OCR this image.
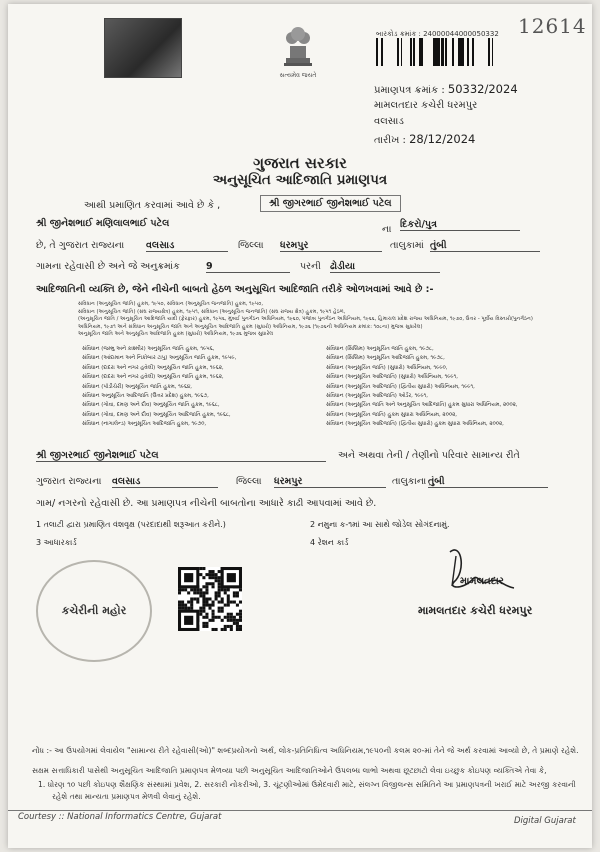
12614
સત્યમેવ જયતે
બારકોડ ક્રમાંક : 24000044000050332
પ્રમાણપત્ર ક્રમાંક : 50332/2024
મામલતદાર કચેરી ધરમપુર
વલસાડ
તારીખ : 28/12/2024
ગુજરાત સરકાર
અનુસૂચિત આદિજાતિ પ્રમાણપત્ર
આથી પ્રમાણિત કરવામાં આવે છે કે ,	શ્રી જીગરભાઈ જીનેશભાઈ પટેલ
શ્રી જીનેશભાઈ મણિલાલભાઈ પટેલ
ના દિકરો/પુત્ર
છે, તે ગુજરાત રાજ્યના વલસાડ	જિલ્લા ધરમપુર	તાલુકામાં તુંબી
ગામના રહેવાસી છે અને જે અનુક્રમાંક	9	પરની ઢોડીયા
આદિજાતિની વ્યક્તિ છે, જેને નીચેની બાબતો હેઠળ અનુસૂચિત આદિજાતિ તરીકે ઓળખવામાં આવે છે :-
સંવિધાન (અનુસૂચિત જાતિ) હુકમ, ૧૯૫૦, સંવિધાન (અનુસૂચિત જનજાતિ) હુકમ, ૧૯૫૦,
સંવિધાન (અનુસૂચિત જાતિ) (સંઘ રાજ્યક્ષેત્ર) હુકમ, ૧૯૫૧, સંવિધાન (અનુસૂચિત જનજાતિ) (સંઘ રાજ્ય ક્ષેત્ર) હુકમ, ૧૯૫૧ હેઠળ,
(અનુસૂચિત જાતિ / અનુસૂચિત આદિજાતિ યાદી (ફેરફાર) હુકમ, ૧૯૫૬, મુંબઈ પુનર્ગઠન અધિનિયમ, ૧૯૬૦, પંજાબ પુનર્ગઠન અધિનિયમ, ૧૯૬૬, હિમાચલ પ્રદેશ રાજ્ય અધિનિયમ, ૧૯૭૦, ઉત્તર - પૂર્વીય વિસ્તારો(પુનર્ગઠન)
અધિનિયમ, ૧૯૭૧ અને સંવિધાન અનુસૂચિત જાતિ અને અનુસૂચિત આદિજાતિ હુકમ (સુધારો) અધિનિયમ, ૧૯૭૬ (૧૯૭૬ની અધિનિયમ ક્રમાંક: ૧૦૮ના) મુજબ સુધારેલ)
અનુસૂચિત જાતિ અને અનુસૂચિત આદિજાતિ હુકમ (સુધારો) અધિનિયમ, ૧૯૭૬ મુજબ સુધારેલ
સંવિધાન (જમ્મુ અને કાશ્મીર) અનુસૂચિત જાતિ હુકમ, ૧૯૫૬,
સંવિધાન (આંદામાન અને નિકોબાર ટાપુ) અનુસૂચિત જાતિ હુકમ, ૧૯૫૯,
સંવિધાન (દાદરા અને નગર હવેલી) અનુસૂચિત જાતિ હુકમ, ૧૯૬૨,
સંવિધાન (દાદરા અને નગર હવેલી) અનુસૂચિત જાતિ હુકમ, ૧૯૬૨,
સંવિધાન (પૉંડીચેરી) અનુસૂચિત જાતિ હુકમ, ૧૯૬૪,
સંવિધાન અનુસૂચિત આદિજાતિ (ઉત્તર પ્રદેશ) હુકમ, ૧૯૬૭,
સંવિધાન (ગોવા, દમણ અને દીવ) અનુસૂચિત જાતિ હુકમ, ૧૯૬૮,
સંવિધાન (ગોવા, દમણ અને દીવ) અનુસૂચિત આદિજાતિ હુકમ, ૧૯૬૮,
સંવિધાન (નાગાલેન્ડ) અનુસૂચિત આદિજાતિ હુકમ, ૧૯૭૦,
સંવિધાન (સિક્કિમ) અનુસૂચિત જાતિ હુકમ, ૧૯૭૮,
સંવિધાન (સિક્કિમ) અનુસૂચિત આદિજાતિ હુકમ, ૧૯૭૮,
સંવિધાન (અનુસૂચિત જાતિ) (સુધારો) અધિનિયમ, ૧૯૯૦,
સંવિધાન (અનુસૂચિત આદિજાતિ) (સુધારો) અધિનિયમ, ૧૯૯૧,
સંવિધાન (અનુસૂચિત આદિજાતિ) (દ્વિતીય સુધારો) અધિનિયમ, ૧૯૯૧,
સંવિધાન (અનુસૂચિત આદિજાતિ) ઓર્ડર, ૧૯૯૧,
સંવિધાન (અનુસૂચિત જાતિ અને અનુસૂચિત આદિજાતિ) હુકમ સુધારા અધિનિયમ, ૨૦૦૨,
સંવિધાન (અનુસૂચિત જાતિ) હુકમ સુધારા અધિનિયમ, ૨૦૦૨,
સંવિધાન (અનુસૂચિત આદિજાતિ) (દ્વિતીય સુધારો) હુકમ સુધારા અધિનિયમ, ૨૦૦૨,
શ્રી જીગરભાઈ જીનેશભાઈ પટેલ	અને અથવા તેની / તેણીનો પરિવાર સામાન્ય રીતે
ગુજરાત રાજ્યના વલસાડ	જિલ્લા ધરમપુર	તાલુકાના તુંબી
ગામ/ નગરનો રહેવાસી છે. આ પ્રમાણપત્ર નીચેની બાબતોના આધારે કાઢી આપવામાં આવે છે.
1 તલાટી દ્વારા પ્રમાણિત વંશવૃક્ષ (પરદાદાથી શરૂઆત કરીને.)	2 નમુના ક-૧માં આ સાથે જોડેલ સોગંદનામું.
3 આધારકાર્ડ	4 રેશન કાર્ડ
કચેરીની મહોર
મામલતદાર
મામલતદાર કચેરી ધરમપુર
નોંધ :- આ ઉપયોગમાં લેવાયેલ "સામાન્ય રીતે રહેવાસી(ઓ)" શબ્દપ્રયોગનો અર્થ, લોક-પ્રતિનિધિત્વ અધિનિયમ,૧૯૫૦ની કલમ ૨૦-માં તેને જે અર્થ કરવામાં આવ્યો છે, તે પ્રમાણે રહેશે.
સક્ષમ સત્તાધિકારી પાસેથી અનુસૂચિત આદિજાતિ પ્રમાણપત્ર મેળવ્યા પછી અનુસૂચિત આદિજાતિઓને ઉપલબ્ધ લાભો અથવા છૂટછાટો લેવા ઇચ્છુક કોઇપણ વ્યક્તિએ તેવા કે,
1. ધોરણ ૧૦ પછી કોઇપણ શૈક્ષણિક સંસ્થામાં પ્રવેશ, 2. સરકારી નોકરીઓ, 3. ચૂંટણીઓમાં ઉમેદવારી માટે, સંલગ્ન વિજીલન્સ સમિતિને આ પ્રમાણપત્રની ખરાઈ માટે અરજી કરવાની
રહેશે તથા માન્યતા પ્રમાણપત્ર મેળવી લેવાનું રહેશે.
Courtesy :: National Informatics Centre, Gujarat	Digital Gujarat
